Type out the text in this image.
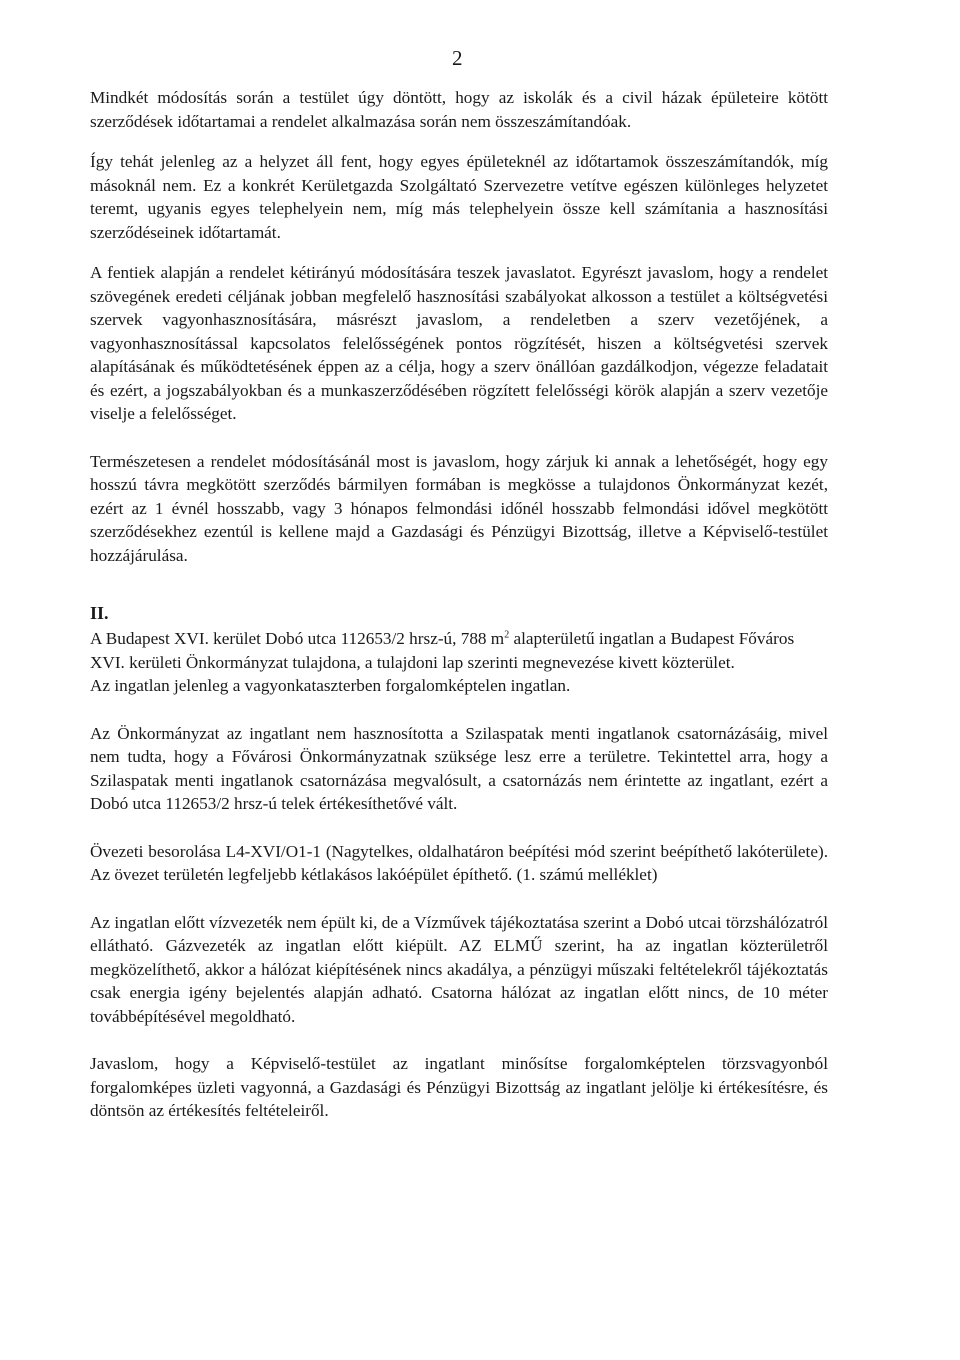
2

Mindkét módosítás során a testület úgy döntött, hogy az iskolák és a civil házak épületeire kötött szerződések időtartamai a rendelet alkalmazása során nem összeszámítandóak.

Így tehát jelenleg az a helyzet áll fent, hogy egyes épületeknél az időtartamok összeszámítandók, míg másoknál nem. Ez a konkrét Kerületgazda Szolgáltató Szervezetre vetítve egészen különleges helyzetet teremt, ugyanis egyes telephelyein nem, míg más telephelyein össze kell számítania a hasznosítási szerződéseinek időtartamát.

A fentiek alapján a rendelet kétirányú módosítására teszek javaslatot. Egyrészt javaslom, hogy a rendelet szövegének eredeti céljának jobban megfelelő hasznosítási szabályokat alkosson a testület a költségvetési szervek vagyonhasznosítására, másrészt javaslom, a rendeletben a szerv vezetőjének, a vagyonhasznosítással kapcsolatos felelősségének pontos rögzítését, hiszen a költségvetési szervek alapításának és működtetésének éppen az a célja, hogy a szerv önállóan gazdálkodjon, végezze feladatait és ezért, a jogszabályokban és a munkaszerződésében rögzített felelősségi körök alapján a szerv vezetője viselje a felelősséget.

Természetesen a rendelet módosításánál most is javaslom, hogy zárjuk ki annak a lehetőségét, hogy egy hosszú távra megkötött szerződés bármilyen formában is megkösse a tulajdonos Önkormányzat kezét, ezért az 1 évnél hosszabb, vagy 3 hónapos felmondási időnél hosszabb felmondási idővel megkötött szerződésekhez ezentúl is kellene majd a Gazdasági és Pénzügyi Bizottság, illetve a Képviselő-testület hozzájárulása.

II.

A Budapest XVI. kerület Dobó utca 112653/2 hrsz-ú, 788 $m^2$ alapterületű ingatlan a Budapest Főváros XVI. kerületi Önkormányzat tulajdona, a tulajdoni lap szerinti megnevezése kivett közterület.

Az ingatlan jelenleg a vagyonkataszterben forgalomképtelen ingatlan.

Az Önkormányzat az ingatlant nem hasznosította a Szilaspatak menti ingatlanok csatornázásáig, mivel nem tudta, hogy a Fővárosi Önkormányzatnak szüksége lesz erre a területre. Tekintettel arra, hogy a Szilaspatak menti ingatlanok csatornázása megvalósult, a csatornázás nem érintette az ingatlant, ezért a Dobó utca 112653/2 hrsz-ú telek értékesíthetővé vált.

Övezeti besorolása L4-XVI/O1-1 (Nagytelkes, oldalhatáron beépítési mód szerint beépíthető lakóterülete). Az övezet területén legfeljebb kétlakásos lakóépület építhető. (1. számú melléklet)

Az ingatlan előtt vízvezeték nem épült ki, de a Vízművek tájékoztatása szerint a Dobó utcai törzshálózatról ellátható. Gázvezeték az ingatlan előtt kiépült. AZ ELMŰ szerint, ha az ingatlan közterületről megközelíthető, akkor a hálózat kiépítésének nincs akadálya, a pénzügyi műszaki feltételekről tájékoztatás csak energia igény bejelentés alapján adható. Csatorna hálózat az ingatlan előtt nincs, de 10 méter továbbépítésével megoldható.

Javaslom, hogy a Képviselő-testület az ingatlant minősítse forgalomképtelen törzsvagyonból forgalomképes üzleti vagyonná, a Gazdasági és Pénzügyi Bizottság az ingatlant jelölje ki értékesítésre, és döntsön az értékesítés feltételeiről.
